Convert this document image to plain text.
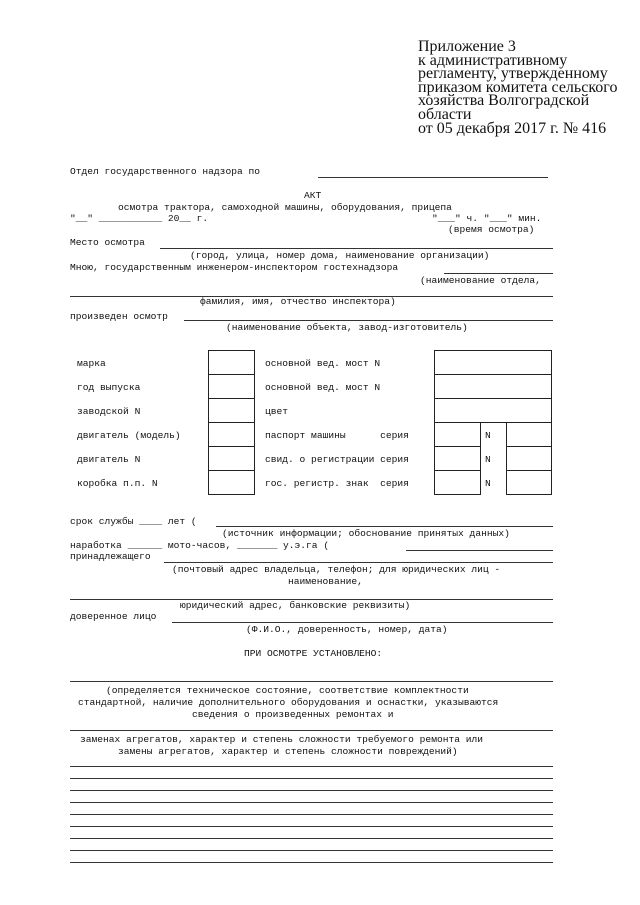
Приложение 3
к административному
регламенту, утвержденному
приказом комитета сельского
хозяйства Волгоградской
области
от 05 декабря 2017 г. № 416
Отдел государственного надзора по
АКТ
осмотра трактора, самоходной машины, оборудования, прицепа
"__" ___________ 20__ г.	"___" ч. "___" мин.
(время осмотра)
Место осмотра
(город, улица, номер дома, наименование организации)
Мною, государственным инженером-инспектором гостехнадзора
(наименование отдела,
фамилия, имя, отчество инспектора)
произведен осмотр
(наименование объекта, завод-изготовитель)
марка
год выпуска
заводской N
двигатель (модель)
двигатель N
коробка п.п. N
основной вед. мост N
основной вед. мост N
цвет
паспорт машины      серия
свид. о регистрации серия
гос. регистр. знак  серия
N
N
N
срок службы ____ лет (
(источник информации; обоснование принятых данных)
наработка ______ мото-часов, _______ у.э.га (
принадлежащего
(почтовый адрес владельца, телефон; для юридических лиц -
наименование,
юридический адрес, банковские реквизиты)
доверенное лицо
(Ф.И.О., доверенность, номер, дата)
ПРИ ОСМОТРЕ УСТАНОВЛЕНО:
(определяется техническое состояние, соответствие комплектности
стандартной, наличие дополнительного оборудования и оснастки, указываются
сведения о произведенных ремонтах и
заменах агрегатов, характер и степень сложности требуемого ремонта или
замены агрегатов, характер и степень сложности повреждений)
